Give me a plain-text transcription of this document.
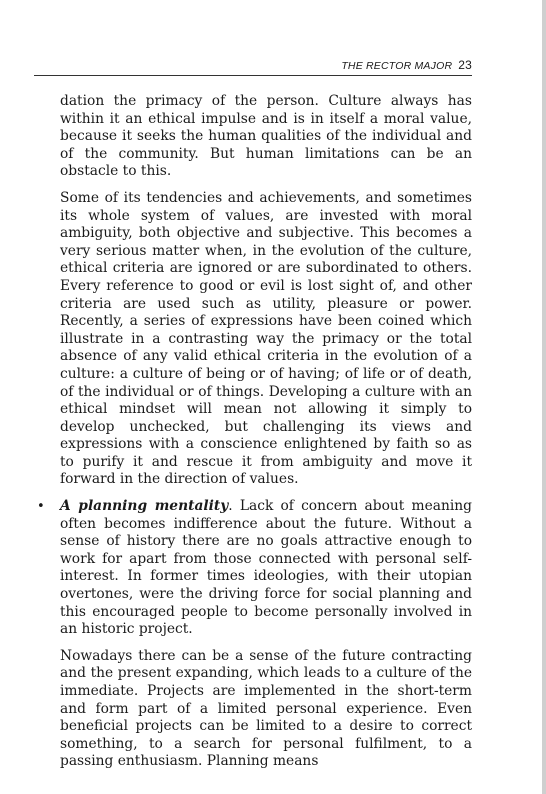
THE RECTOR MAJOR 23

dation the primacy of the person. Culture always has within it an ethical impulse and is in itself a moral value, because it seeks the human qualities of the individual and of the community. But human limitations can be an obstacle to this.

Some of its tendencies and achievements, and sometimes its whole system of values, are invested with moral ambiguity, both objective and subjective. This becomes a very serious matter when, in the evolution of the culture, ethical criteria are ignored or are subordinated to others. Every reference to good or evil is lost sight of, and other criteria are used such as utility, pleasure or power. Recently, a series of expressions have been coined which illustrate in a contrasting way the primacy or the total absence of any valid ethical criteria in the evolution of a culture: a culture of being or of having; of life or of death, of the individual or of things. Developing a culture with an ethical mindset will mean not allowing it simply to develop unchecked, but challenging its views and expressions with a conscience enlightened by faith so as to purify it and rescue it from ambiguity and move it forward in the direction of values.

• A planning mentality. Lack of concern about meaning often becomes indifference about the future. Without a sense of history there are no goals attractive enough to work for apart from those connected with personal self-interest. In former times ideologies, with their utopian overtones, were the driving force for social planning and this encouraged people to become personally involved in an historic project.

Nowadays there can be a sense of the future contracting and the present expanding, which leads to a culture of the immediate. Projects are implemented in the short-term and form part of a limited personal experience. Even beneficial projects can be limited to a desire to correct something, to a search for personal fulfilment, to a passing enthusiasm. Planning means
